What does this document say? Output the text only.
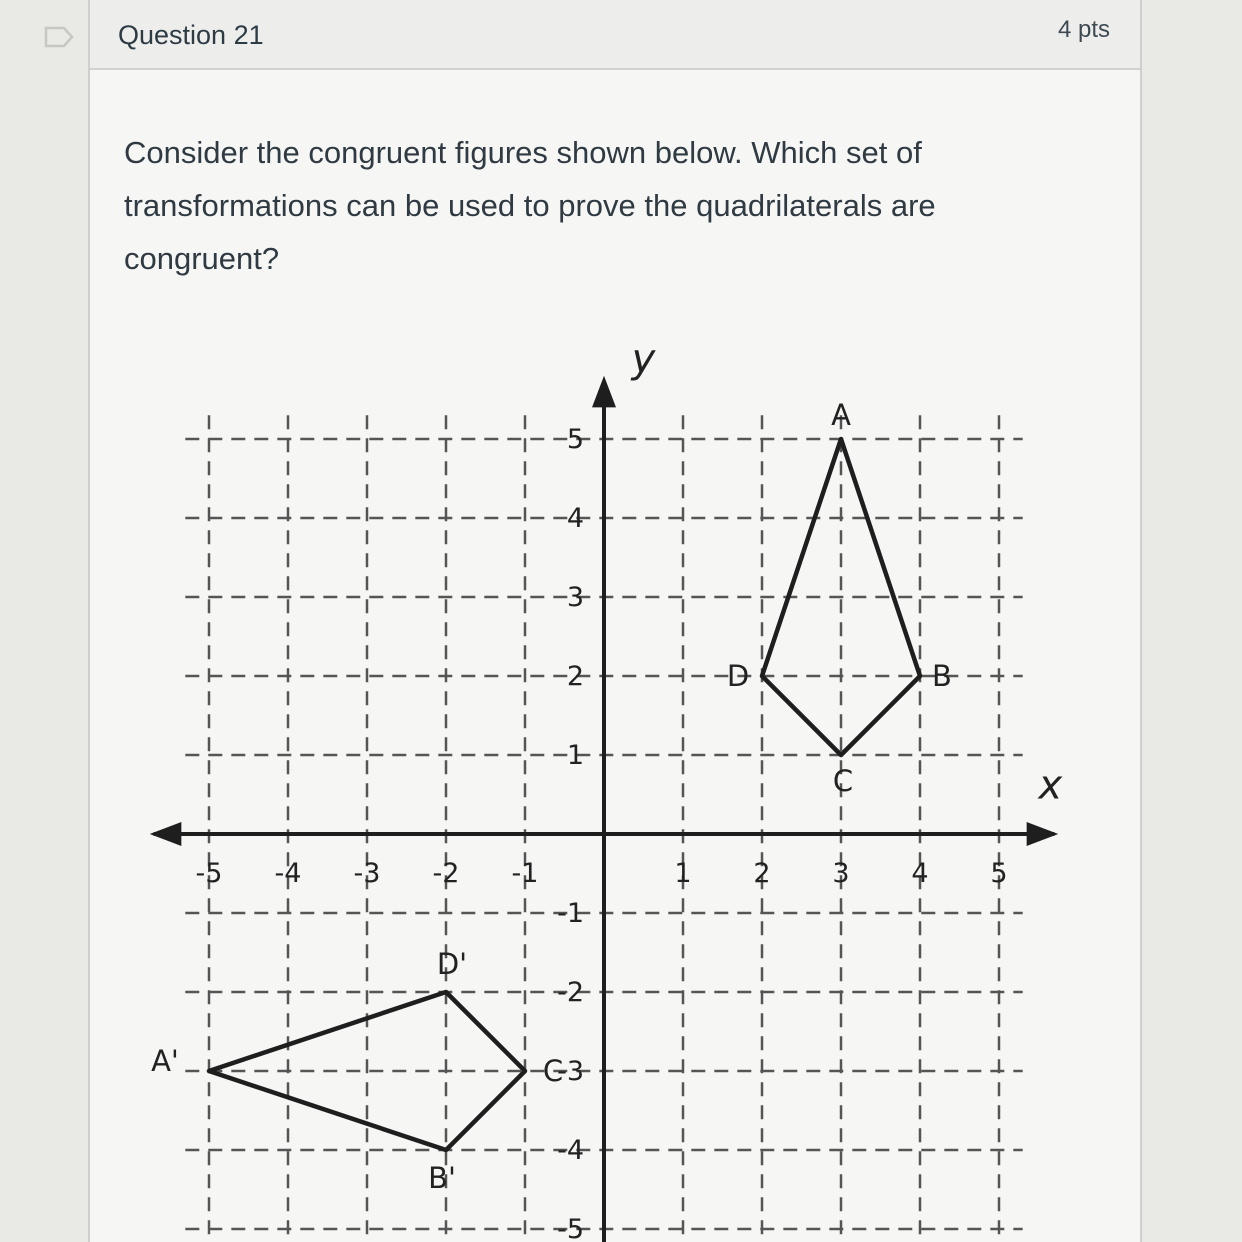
Question 21	4 pts
Consider the congruent figures shown below. Which set of transformations can be used to prove the quadrilaterals are congruent?
x
y
-5 -4 -3 -2 -1	1 2 3 4 5
1
2
3
4
5
-1
-2
-3
-4
-5
A
B
C
D
A'
B'
C
D'
